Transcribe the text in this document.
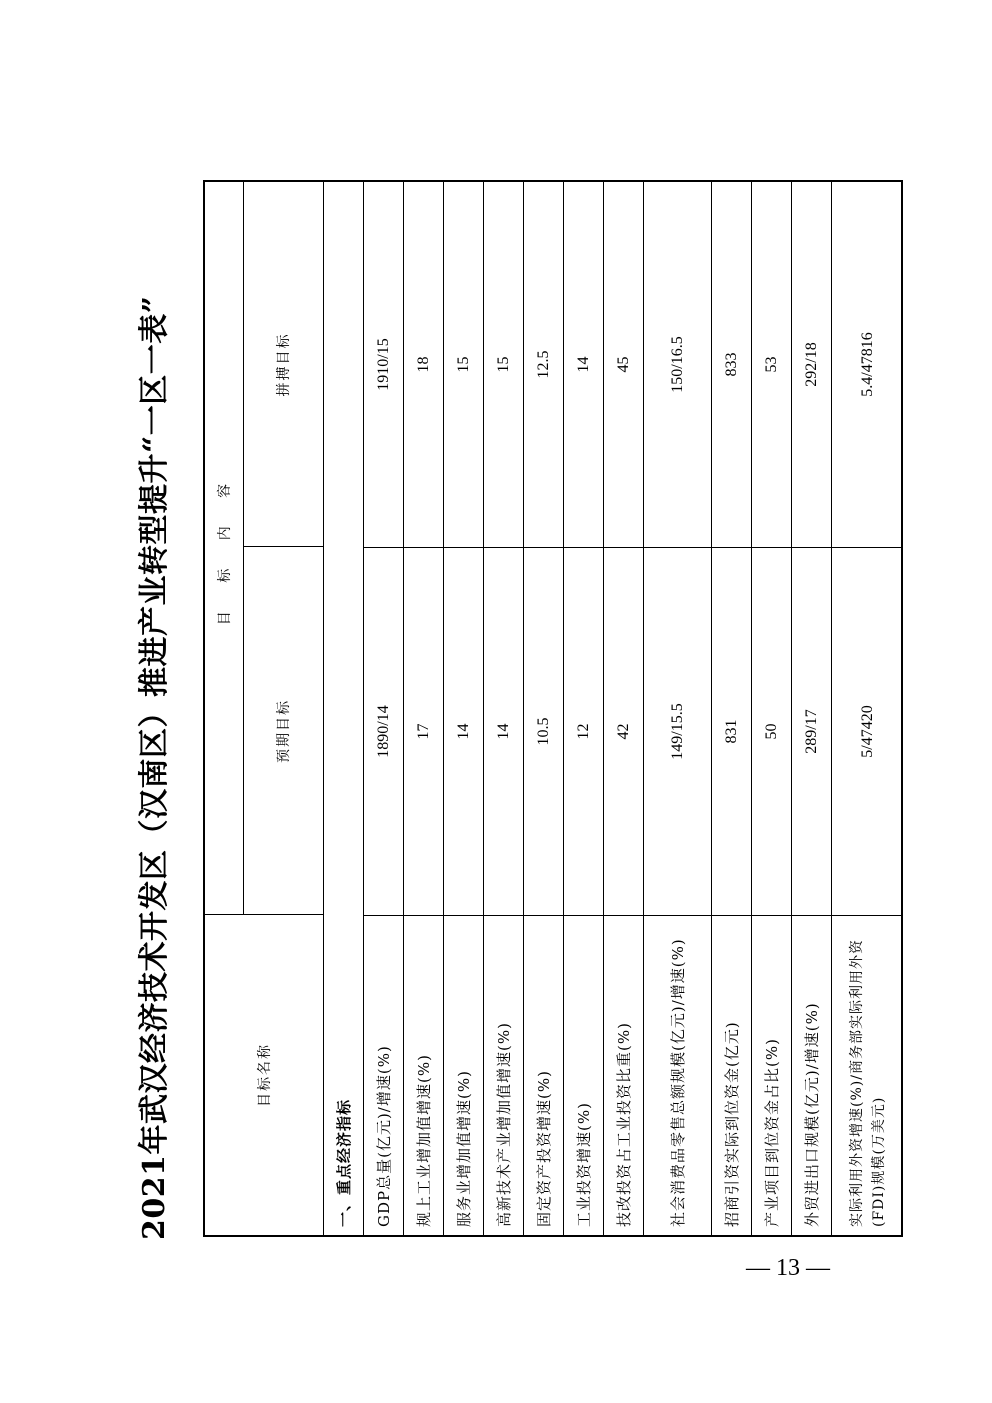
2021年武汉经济技术开发区（汉南区）推进产业转型提升“一区一表”	目标名称
目 标 内 容
预期目标
拼搏目标
一、重点经济指标	GDP总量(亿元)/增速(%)
1890/14
1910/15
规上工业增加值增速(%)
17
18
服务业增加值增速(%)
14
15
高新技术产业增加值增速(%)
14
15
固定资产投资增速(%)
10.5
12.5
工业投资增速(%)
12
14
技改投资占工业投资比重(%)
42
45
社会消费品零售总额规模(亿元)/增速(%)
149/15.5
150/16.5
招商引资实际到位资金(亿元)
831
833
产业项目到位资金占比(%)
50
53
外贸进出口规模(亿元)/增速(%)
289/17
292/18
实际利用外资增速(%)/商务部实际利用外资(FDI)规模(万美元)
5/47420
5.4/47816
— 13 —
